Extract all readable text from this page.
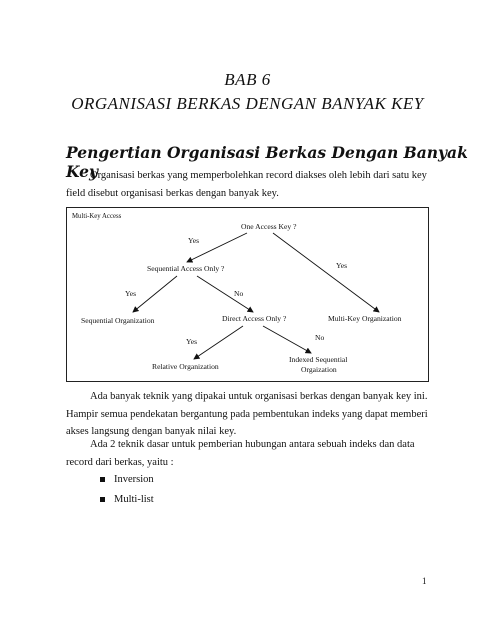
BAB 6
ORGANISASI BERKAS DENGAN BANYAK KEY
Pengertian Organisasi Berkas Dengan Banyak Key
Organisasi berkas yang memperbolehkan record diakses oleh lebih dari satu key
field disebut organisasi berkas dengan banyak key.
Multi-Key Access
One Access Key ?
Sequential Access Only ?
Sequential Organization	Direct Access Only ?	Multi-Key Organization
Relative Organization
Indexed Sequential
Orgaization
Yes
Yes
Yes	No
Yes	No
Ada banyak teknik yang dipakai untuk organisasi berkas dengan banyak key ini.
Hampir semua pendekatan bergantung pada pembentukan indeks yang dapat memberi
akses langsung dengan banyak nilai key.
Ada 2 teknik dasar untuk pemberian hubungan antara sebuah indeks dan data
record dari berkas, yaitu :
Inversion
Multi-list
1
